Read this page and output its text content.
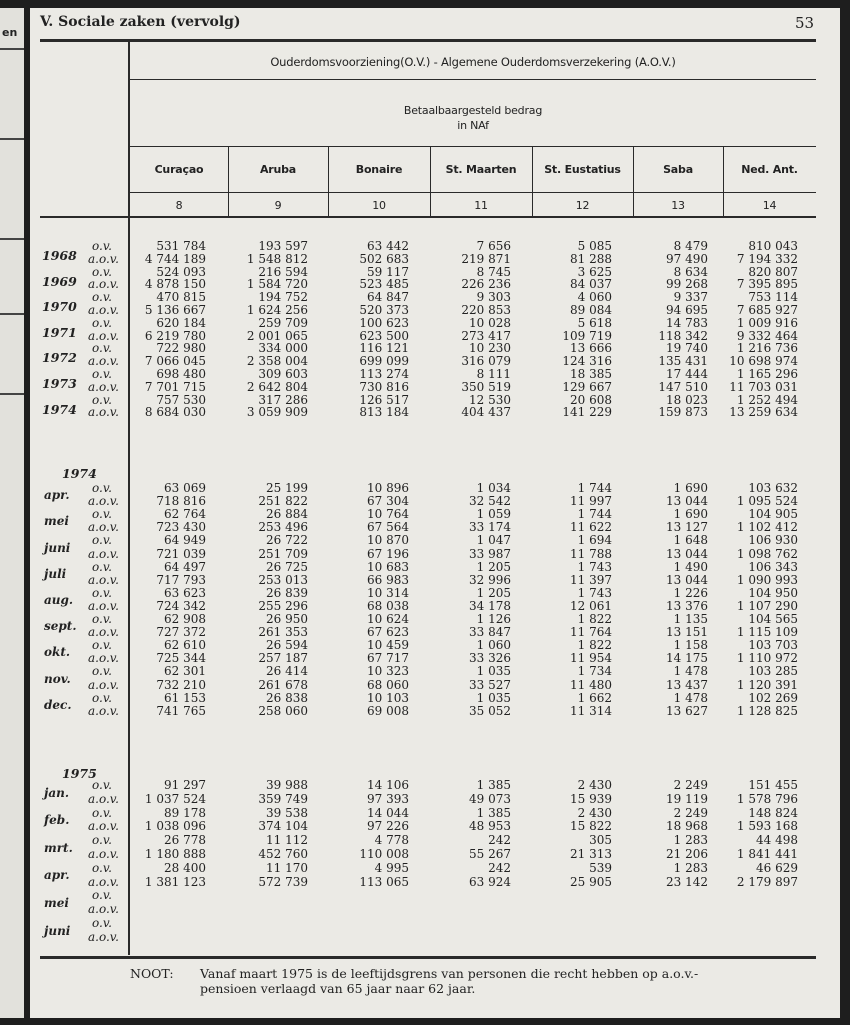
en
V. Sociale zaken (vervolg)	53
Ouderdomsvoorziening(O.V.) - Algemene Ouderdomsverzekering (A.O.V.)
Betaalbaargesteld bedrag
in NAf
Curaçao
8
Aruba
9
Bonaire
10
St. Maarten
11
St. Eustatius
12
Saba
13
Ned. Ant.
14
1968
o.v.	531 784	193 597	63 442	7 656	5 085	8 479	810 043
a.o.v.	4 744 189	1 548 812	502 683	219 871	81 288	97 490	7 194 332
1969
o.v.	524 093	216 594	59 117	8 745	3 625	8 634	820 807
a.o.v.	4 878 150	1 584 720	523 485	226 236	84 037	99 268	7 395 895
1970
o.v.	470 815	194 752	64 847	9 303	4 060	9 337	753 114
a.o.v.	5 136 667	1 624 256	520 373	220 853	89 084	94 695	7 685 927
1971
o.v.	620 184	259 709	100 623	10 028	5 618	14 783	1 009 916
a.o.v.	6 219 780	2 001 065	623 500	273 417	109 719	118 342	9 332 464
1972
o.v.	722 980	334 000	116 121	10 230	13 666	19 740	1 216 736
a.o.v.	7 066 045	2 358 004	699 099	316 079	124 316	135 431	10 698 974
1973
o.v.	698 480	309 603	113 274	8 111	18 385	17 444	1 165 296
a.o.v.	7 701 715	2 642 804	730 816	350 519	129 667	147 510	11 703 031
1974
o.v.	757 530	317 286	126 517	12 530	20 608	18 023	1 252 494
a.o.v.	8 684 030	3 059 909	813 184	404 437	141 229	159 873	13 259 634
1974
apr.
o.v.	63 069	25 199	10 896	1 034	1 744	1 690	103 632
a.o.v.	718 816	251 822	67 304	32 542	11 997	13 044	1 095 524
mei
o.v.	62 764	26 884	10 764	1 059	1 744	1 690	104 905
a.o.v.	723 430	253 496	67 564	33 174	11 622	13 127	1 102 412
juni
o.v.	64 949	26 722	10 870	1 047	1 694	1 648	106 930
a.o.v.	721 039	251 709	67 196	33 987	11 788	13 044	1 098 762
juli
o.v.	64 497	26 725	10 683	1 205	1 743	1 490	106 343
a.o.v.	717 793	253 013	66 983	32 996	11 397	13 044	1 090 993
aug.
o.v.	63 623	26 839	10 314	1 205	1 743	1 226	104 950
a.o.v.	724 342	255 296	68 038	34 178	12 061	13 376	1 107 290
sept.
o.v.	62 908	26 950	10 624	1 126	1 822	1 135	104 565
a.o.v.	727 372	261 353	67 623	33 847	11 764	13 151	1 115 109
okt.
o.v.	62 610	26 594	10 459	1 060	1 822	1 158	103 703
a.o.v.	725 344	257 187	67 717	33 326	11 954	14 175	1 110 972
nov.
o.v.	62 301	26 414	10 323	1 035	1 734	1 478	103 285
a.o.v.	732 210	261 678	68 060	33 527	11 480	13 437	1 120 391
dec.
o.v.	61 153	26 838	10 103	1 035	1 662	1 478	102 269
a.o.v.	741 765	258 060	69 008	35 052	11 314	13 627	1 128 825
1975
jan.
o.v.	91 297	39 988	14 106	1 385	2 430	2 249	151 455
a.o.v.	1 037 524	359 749	97 393	49 073	15 939	19 119	1 578 796
feb.
o.v.	89 178	39 538	14 044	1 385	2 430	2 249	148 824
a.o.v.	1 038 096	374 104	97 226	48 953	15 822	18 968	1 593 168
mrt.
o.v.	26 778	11 112	4 778	242	305	1 283	44 498
a.o.v.	1 180 888	452 760	110 008	55 267	21 313	21 206	1 841 441
apr.
o.v.	28 400	11 170	4 995	242	539	1 283	46 629
a.o.v.	1 381 123	572 739	113 065	63 924	25 905	23 142	2 179 897
mei
o.v.
a.o.v.
juni
o.v.
a.o.v.
NOOT: Vanaf maart 1975 is de leeftijdsgrens van personen die recht hebben op a.o.v.-
pensioen verlaagd van 65 jaar naar 62 jaar.
